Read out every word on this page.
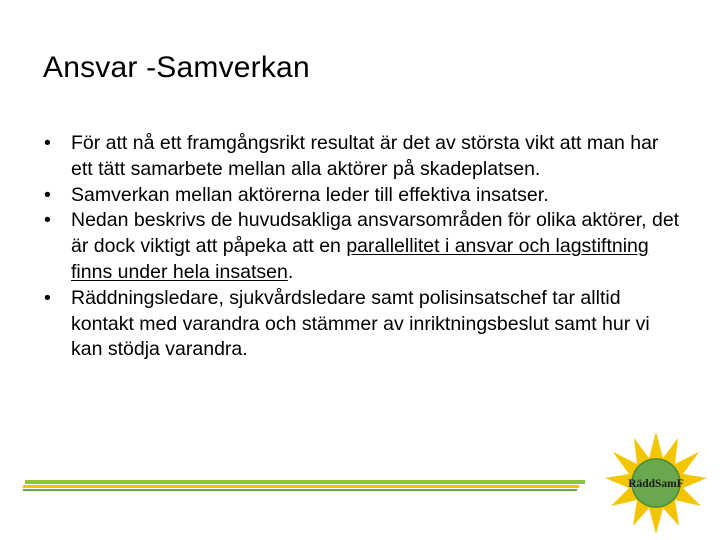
Ansvar -Samverkan
• För att nå ett framgångsrikt resultat är det av största vikt att man har ett tätt samarbete mellan alla aktörer på skadeplatsen.
• Samverkan mellan aktörerna leder till effektiva insatser.
• Nedan beskrivs de huvudsakliga ansvarsområden för olika aktörer, det är dock viktigt att påpeka att en parallellitet i ansvar och lagstiftning finns under hela insatsen.
• Räddningsledare, sjukvårdsledare samt polisinsatschef tar alltid kontakt med varandra och stämmer av inriktningsbeslut samt hur vi kan stödja varandra.
RäddSamF
